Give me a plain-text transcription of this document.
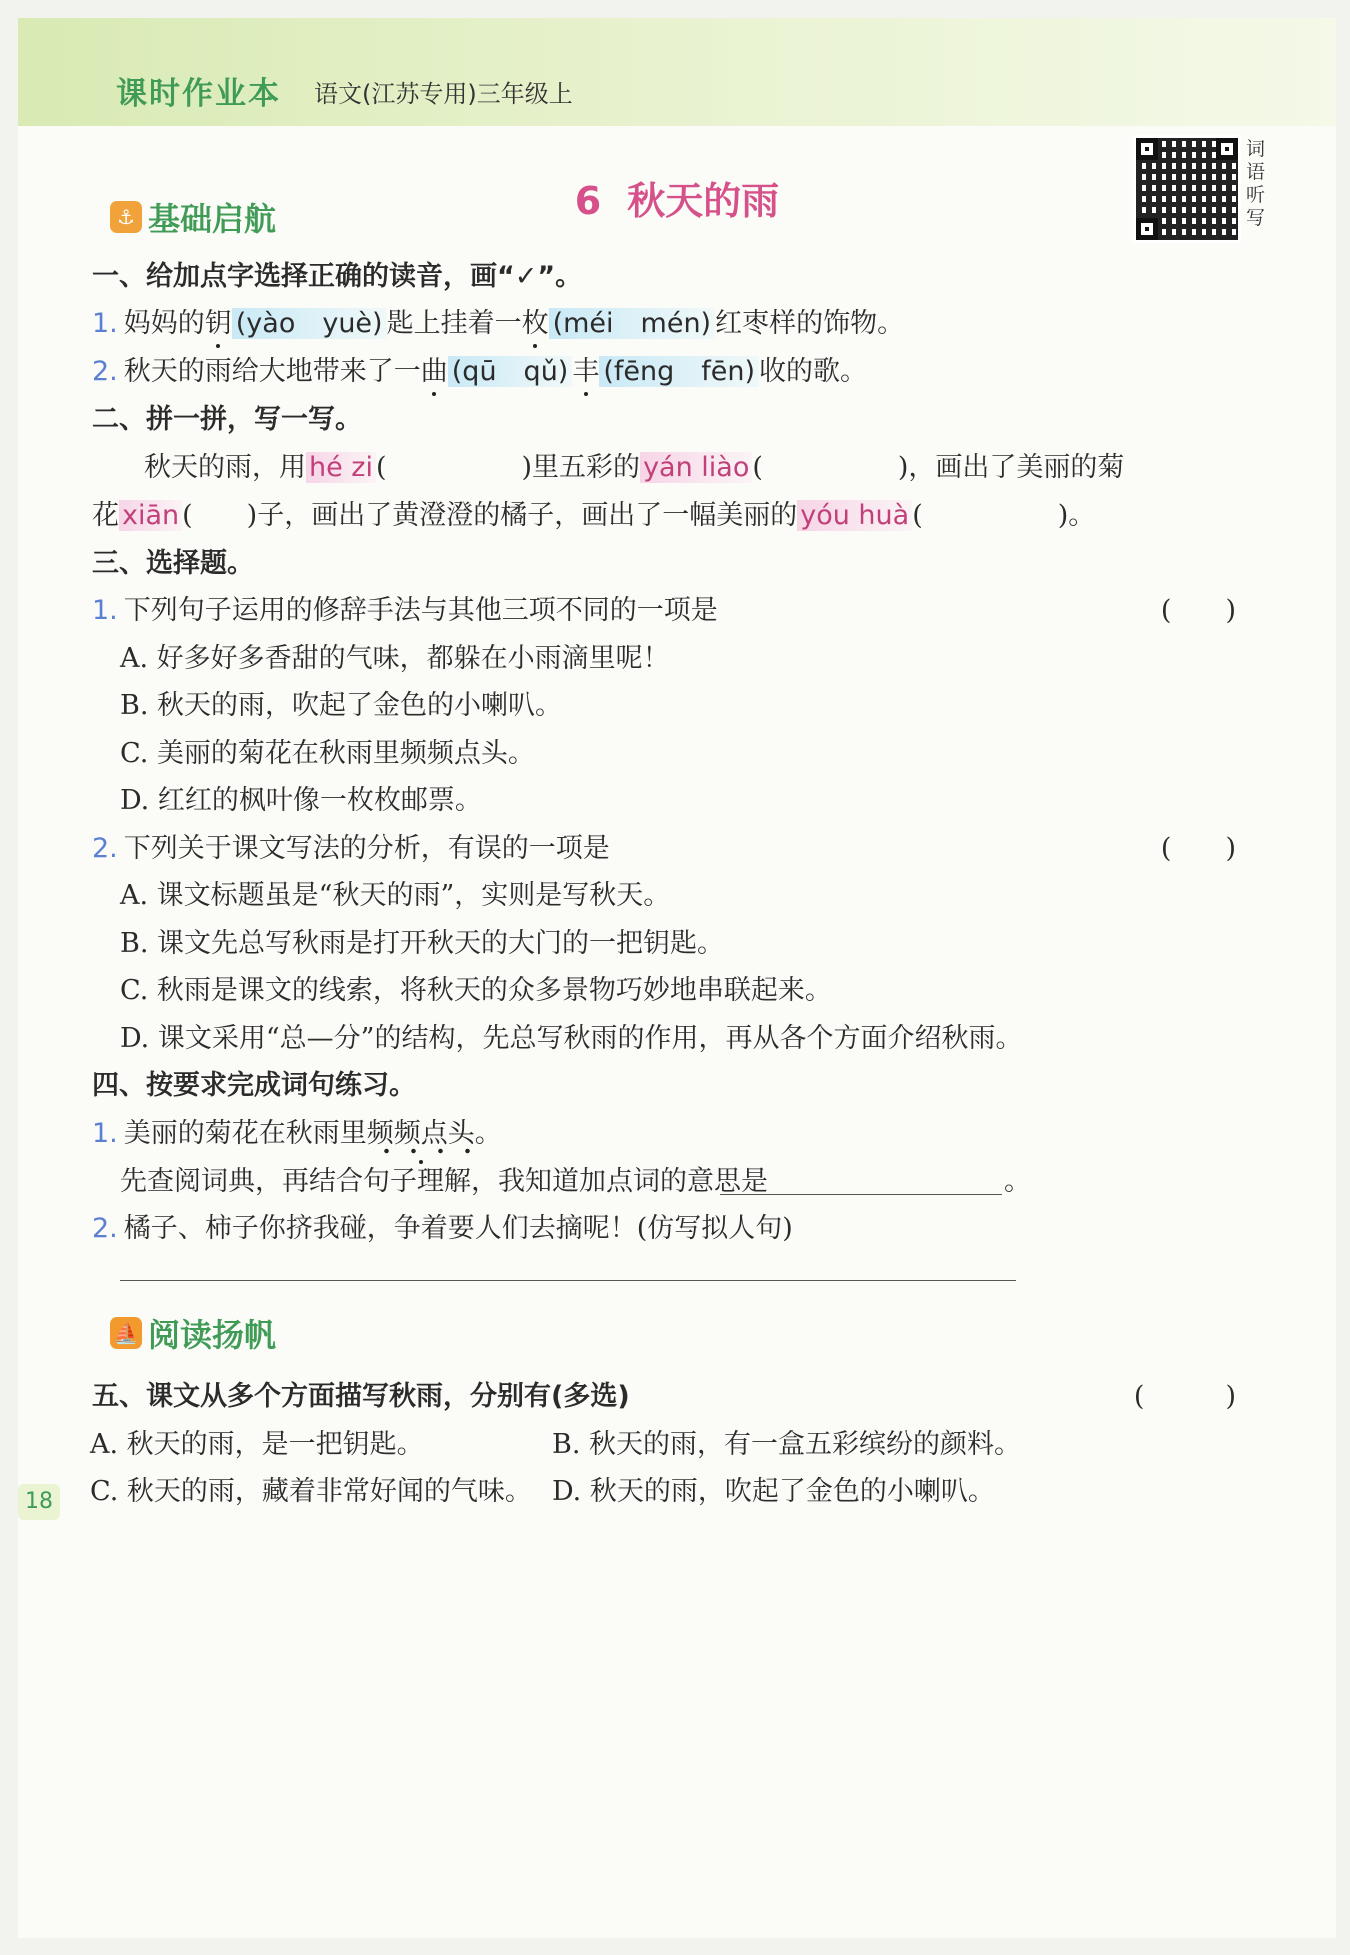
课时作业本 语文(江苏专用)三年级上
6 秋天的雨
词语听写
⚓ 基础启航
一、给加点字选择正确的读音，画“✓”。
1. 妈妈的钥 (yào　yuè) 匙上挂着一枚 (méi　mén) 红枣样的饰物。
2. 秋天的雨给大地带来了一曲 (qū　qǔ) 丰 (fēng　fēn) 收的歌。
二、拼一拼，写一写。
秋天的雨，用 hé zi (　　　　　)里五彩的 yán liào (　　　　　)，画出了美丽的菊
花 xiān (　　)子，画出了黄澄澄的橘子，画出了一幅美丽的 yóu huà (　　　　　)。
三、选择题。
1. 下列句子运用的修辞手法与其他三项不同的一项是	(　　)
A. 好多好多香甜的气味，都躲在小雨滴里呢！
B. 秋天的雨，吹起了金色的小喇叭。
C. 美丽的菊花在秋雨里频频点头。
D. 红红的枫叶像一枚枚邮票。
2. 下列关于课文写法的分析，有误的一项是	(　　)
A. 课文标题虽是“秋天的雨”，实则是写秋天。
B. 课文先总写秋雨是打开秋天的大门的一把钥匙。
C. 秋雨是课文的线索，将秋天的众多景物巧妙地串联起来。
D. 课文采用“总—分”的结构，先总写秋雨的作用，再从各个方面介绍秋雨。
四、按要求完成词句练习。
1. 美丽的菊花在秋雨里频频点头。
先查阅词典，再结合句子理解，我知道加点词的意思是	。
2. 橘子、柿子你挤我碰，争着要人们去摘呢！(仿写拟人句)
⛵ 阅读扬帆
五、课文从多个方面描写秋雨，分别有(多选)	(　　　)
A. 秋天的雨，是一把钥匙。	B. 秋天的雨，有一盒五彩缤纷的颜料。
C. 秋天的雨，藏着非常好闻的气味。 D. 秋天的雨，吹起了金色的小喇叭。
18
